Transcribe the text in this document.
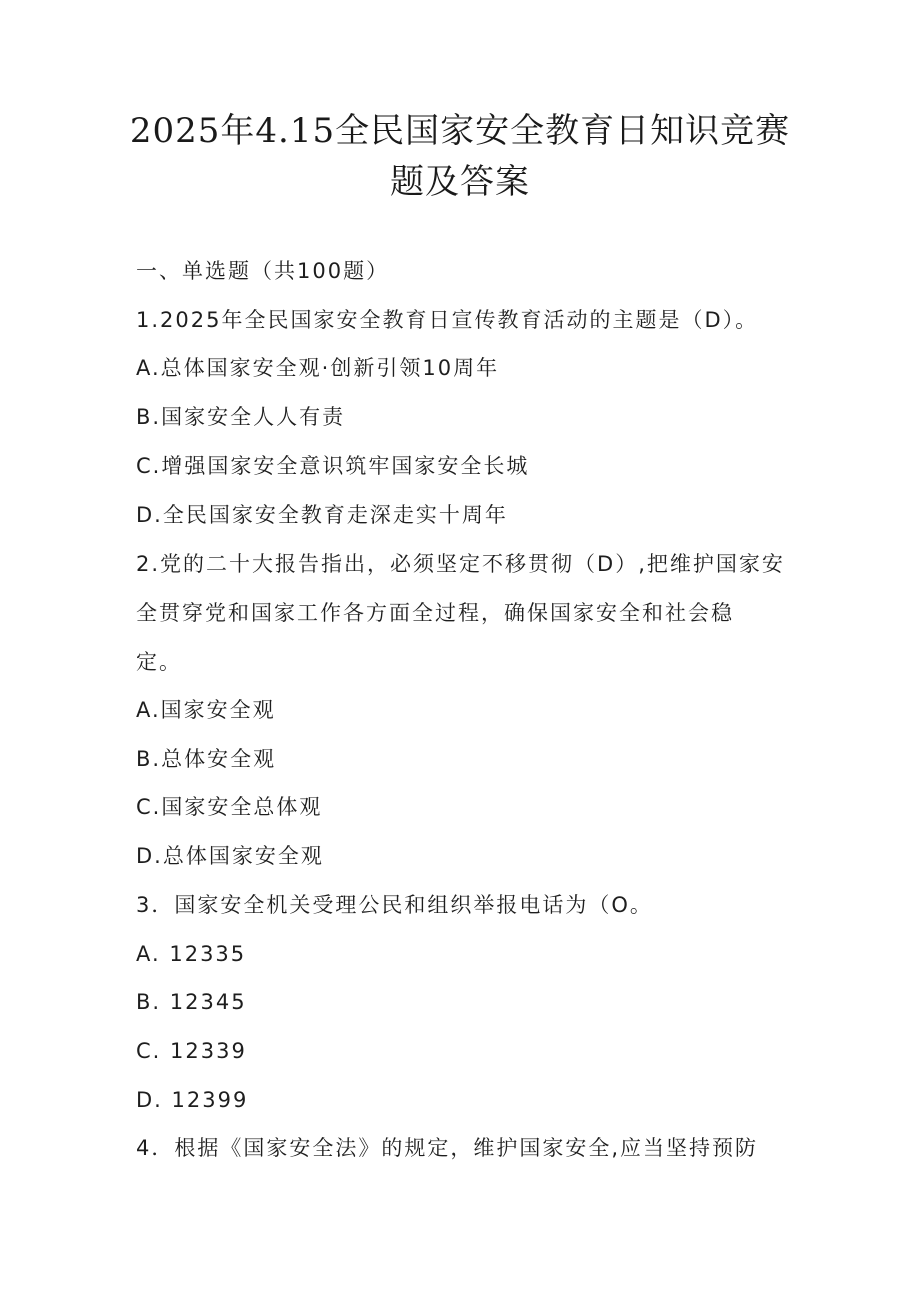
2025年4.15全民国家安全教育日知识竞赛
题及答案
一、单选题（共100题）
1.2025年全民国家安全教育日宣传教育活动的主题是（D）。
A.总体国家安全观·创新引领10周年
B.国家安全人人有责
C.增强国家安全意识筑牢国家安全长城
D.全民国家安全教育走深走实十周年
2.党的二十大报告指出，必须坚定不移贯彻（D）,把维护国家安
全贯穿党和国家工作各方面全过程，确保国家安全和社会稳
定。
A.国家安全观
B.总体安全观
C.国家安全总体观
D.总体国家安全观
3．国家安全机关受理公民和组织举报电话为（O。
A. 12335
B. 12345
C. 12339
D. 12399
4．根据《国家安全法》的规定，维护国家安全,应当坚持预防
